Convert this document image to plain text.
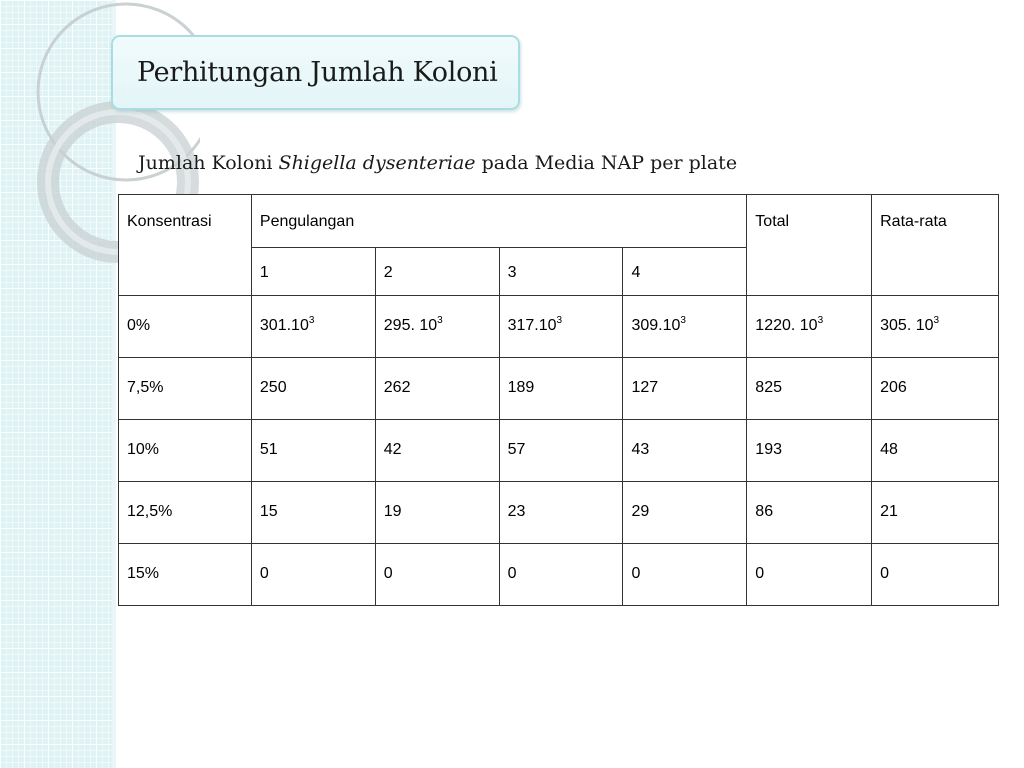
Perhitungan Jumlah Koloni
Jumlah Koloni Shigella dysenteriae pada Media NAP per plate
Konsentrasi	Pengulangan				Total	Rata-rata
	1	2	3	4		
0%	301.10$^3$	295. $10^3$	317.10$^3$	309.10$^3$	1220. $10^3$	305. $10^3$
7,5%	250	262	189	127	825	206
10%	51	42	57	43	193	48
12,5%	15	19	23	29	86	21
15%	0	0	0	0	0	0
